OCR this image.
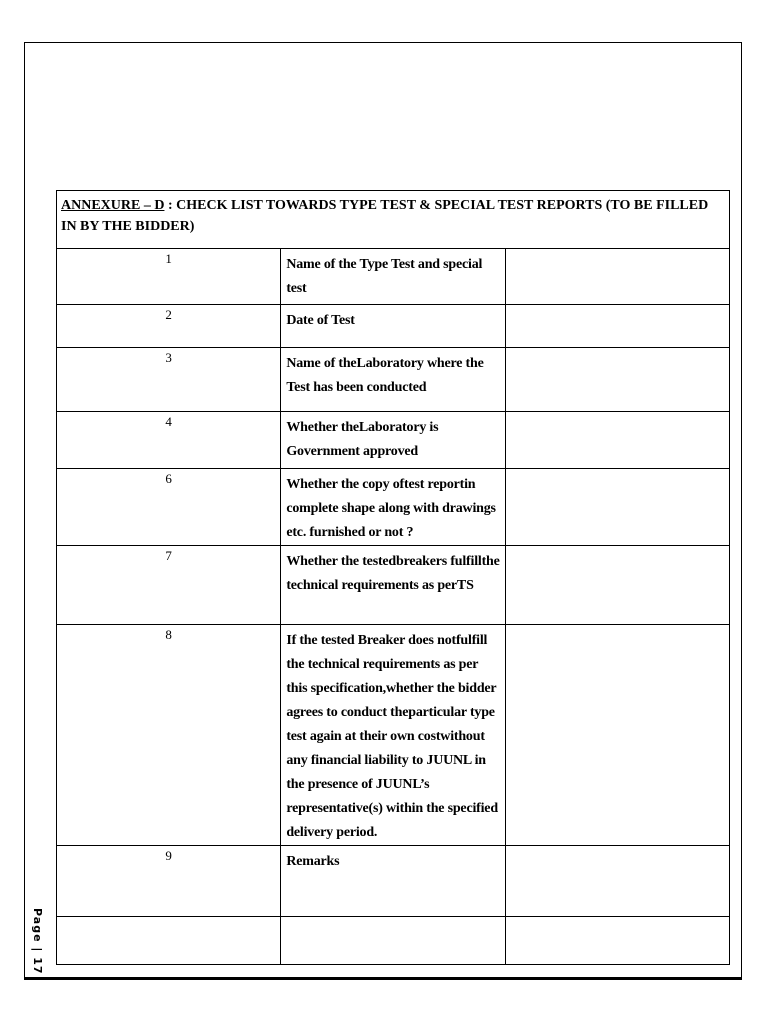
ANNEXURE – D : CHECK LIST TOWARDS TYPE TEST & SPECIAL TEST REPORTS (TO BE FILLED IN BY THE BIDDER)		
1	Name of the Type Test and special test	
2	Date of Test	
3	Name of theLaboratory where the Test has been conducted	
4	Whether theLaboratory is Government approved	
6	Whether the copy oftest reportin complete shape along with drawings etc. furnished or not ?	
7	Whether the testedbreakers fulfillthe technical requirements as perTS	
8	If the tested Breaker does notfulfill the technical requirements as per this specification,whether the bidder agrees to conduct theparticular type test again at their own costwithout any financial liability to JUUNL in the presence of JUUNL’s representative(s) within the specified delivery period.	
9	Remarks	

Page | 17
